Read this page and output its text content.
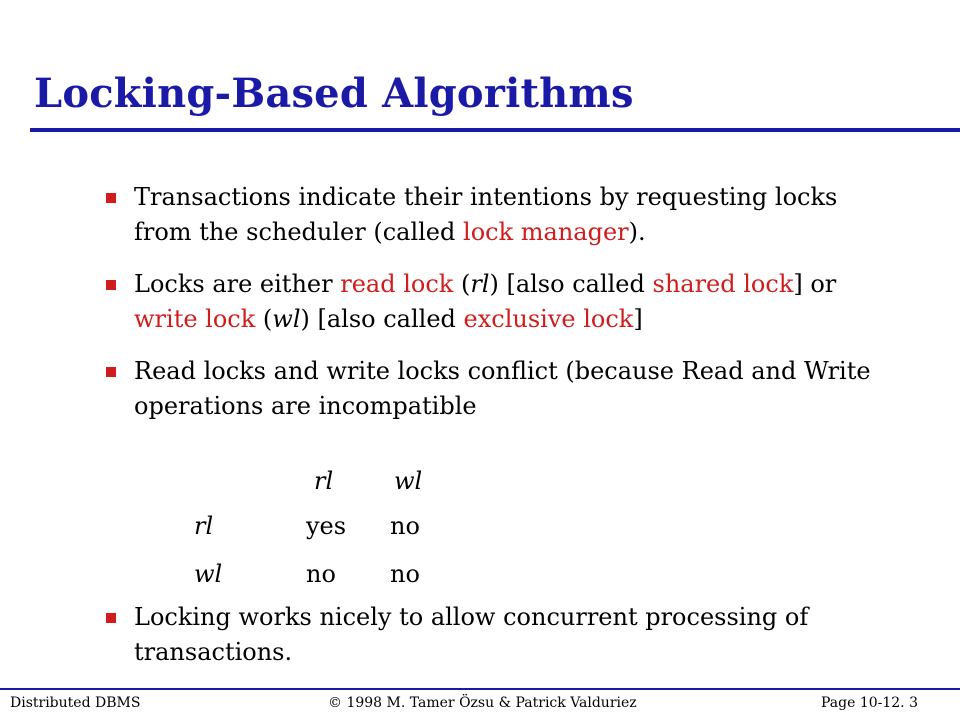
Locking-Based Algorithms
Transactions indicate their intentions by requesting locks from the scheduler (called lock manager).
Locks are either read lock (rl) [also called shared lock] or write lock (wl) [also called exclusive lock]
Read locks and write locks conflict (because Read and Write operations are incompatible
	rl	wl
rl	yes	no
wl	no	no
Locking works nicely to allow concurrent processing of transactions.
Distributed DBMS	© 1998 M. Tamer Özsu & Patrick Valduriez	Page 10-12. 3
